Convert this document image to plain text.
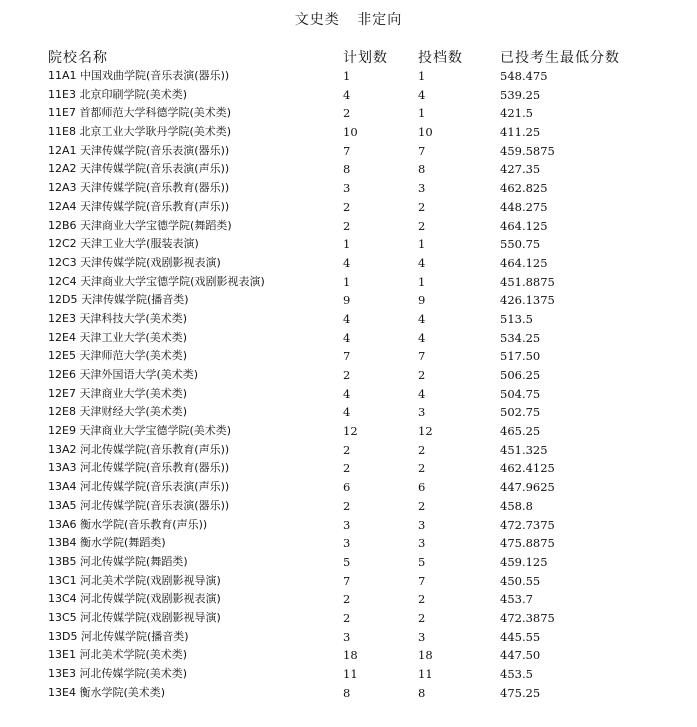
文史类 非定向
院校名称	计划数 投档数	已投考生最低分数
11A1 中国戏曲学院(音乐表演(器乐))	1	1	548.475
11E3 北京印刷学院(美术类)	4	4	539.25
11E7 首都师范大学科德学院(美术类)	2	1	421.5
11E8 北京工业大学耿丹学院(美术类)	10	10	411.25
12A1 天津传媒学院(音乐表演(器乐))	7	7	459.5875
12A2 天津传媒学院(音乐表演(声乐))	8	8	427.35
12A3 天津传媒学院(音乐教育(器乐))	3	3	462.825
12A4 天津传媒学院(音乐教育(声乐))	2	2	448.275
12B6 天津商业大学宝德学院(舞蹈类)	2	2	464.125
12C2 天津工业大学(服装表演)	1	1	550.75
12C3 天津传媒学院(戏剧影视表演)	4	4	464.125
12C4 天津商业大学宝德学院(戏剧影视表演)	1	1	451.8875
12D5 天津传媒学院(播音类)	9	9	426.1375
12E3 天津科技大学(美术类)	4	4	513.5
12E4 天津工业大学(美术类)	4	4	534.25
12E5 天津师范大学(美术类)	7	7	517.50
12E6 天津外国语大学(美术类)	2	2	506.25
12E7 天津商业大学(美术类)	4	4	504.75
12E8 天津财经大学(美术类)	4	3	502.75
12E9 天津商业大学宝德学院(美术类)	12	12	465.25
13A2 河北传媒学院(音乐教育(声乐))	2	2	451.325
13A3 河北传媒学院(音乐教育(器乐))	2	2	462.4125
13A4 河北传媒学院(音乐表演(声乐))	6	6	447.9625
13A5 河北传媒学院(音乐表演(器乐))	2	2	458.8
13A6 衡水学院(音乐教育(声乐))	3	3	472.7375
13B4 衡水学院(舞蹈类)	3	3	475.8875
13B5 河北传媒学院(舞蹈类)	5	5	459.125
13C1 河北美术学院(戏剧影视导演)	7	7	450.55
13C4 河北传媒学院(戏剧影视表演)	2	2	453.7
13C5 河北传媒学院(戏剧影视导演)	2	2	472.3875
13D5 河北传媒学院(播音类)	3	3	445.55
13E1 河北美术学院(美术类)	18	18	447.50
13E3 河北传媒学院(美术类)	11	11	453.5
13E4 衡水学院(美术类)	8	8	475.25
